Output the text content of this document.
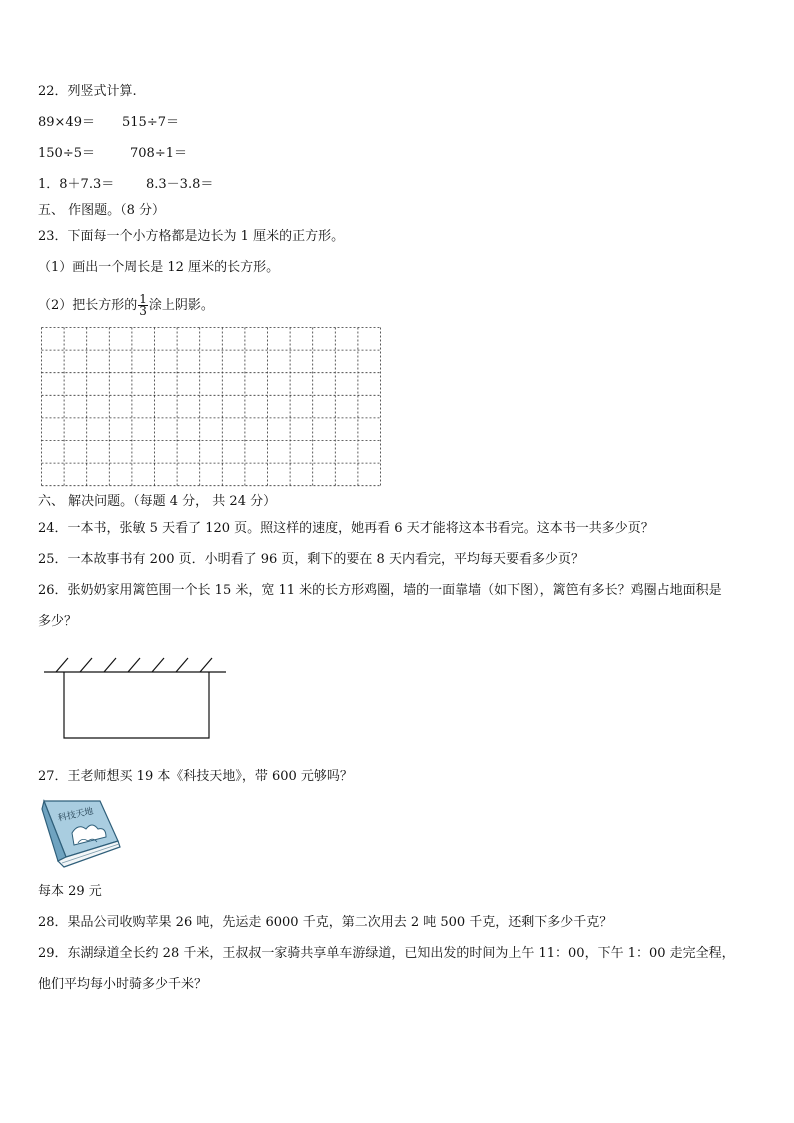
22．列竖式计算.
89×49＝ 515÷7＝
150÷5＝	708÷1＝
1．8＋7.3＝ 8.3－3.8＝
五、 作图题。（8 分）
23．下面每一个小方格都是边长为 1 厘米的正方形。
（1）画出一个周长是 12 厘米的长方形。
（2）把长方形的 $\frac{1}{3}$ 涂上阴影。
六、 解决问题。（每题 4 分， 共 24 分）
24．一本书，张敏 5 天看了 120 页。照这样的速度，她再看 6 天才能将这本书看完。这本书一共多少页？
25．一本故事书有 200 页．小明看了 96 页，剩下的要在 8 天内看完，平均每天要看多少页？
26．张奶奶家用篱笆围一个长 15 米，宽 11 米的长方形鸡圈，墙的一面靠墙（如下图），篱笆有多长？鸡圈占地面积是
多少？
27．王老师想买 19 本《科技天地》，带 600 元够吗？
科技天地
每本 29 元
28．果品公司收购苹果 26 吨，先运走 6000 千克，第二次用去 2 吨 500 千克，还剩下多少千克？
29．东湖绿道全长约 28 千米，王叔叔一家骑共享单车游绿道，已知出发的时间为上午 11：00，下午 1：00 走完全程，
他们平均每小时骑多少千米？
